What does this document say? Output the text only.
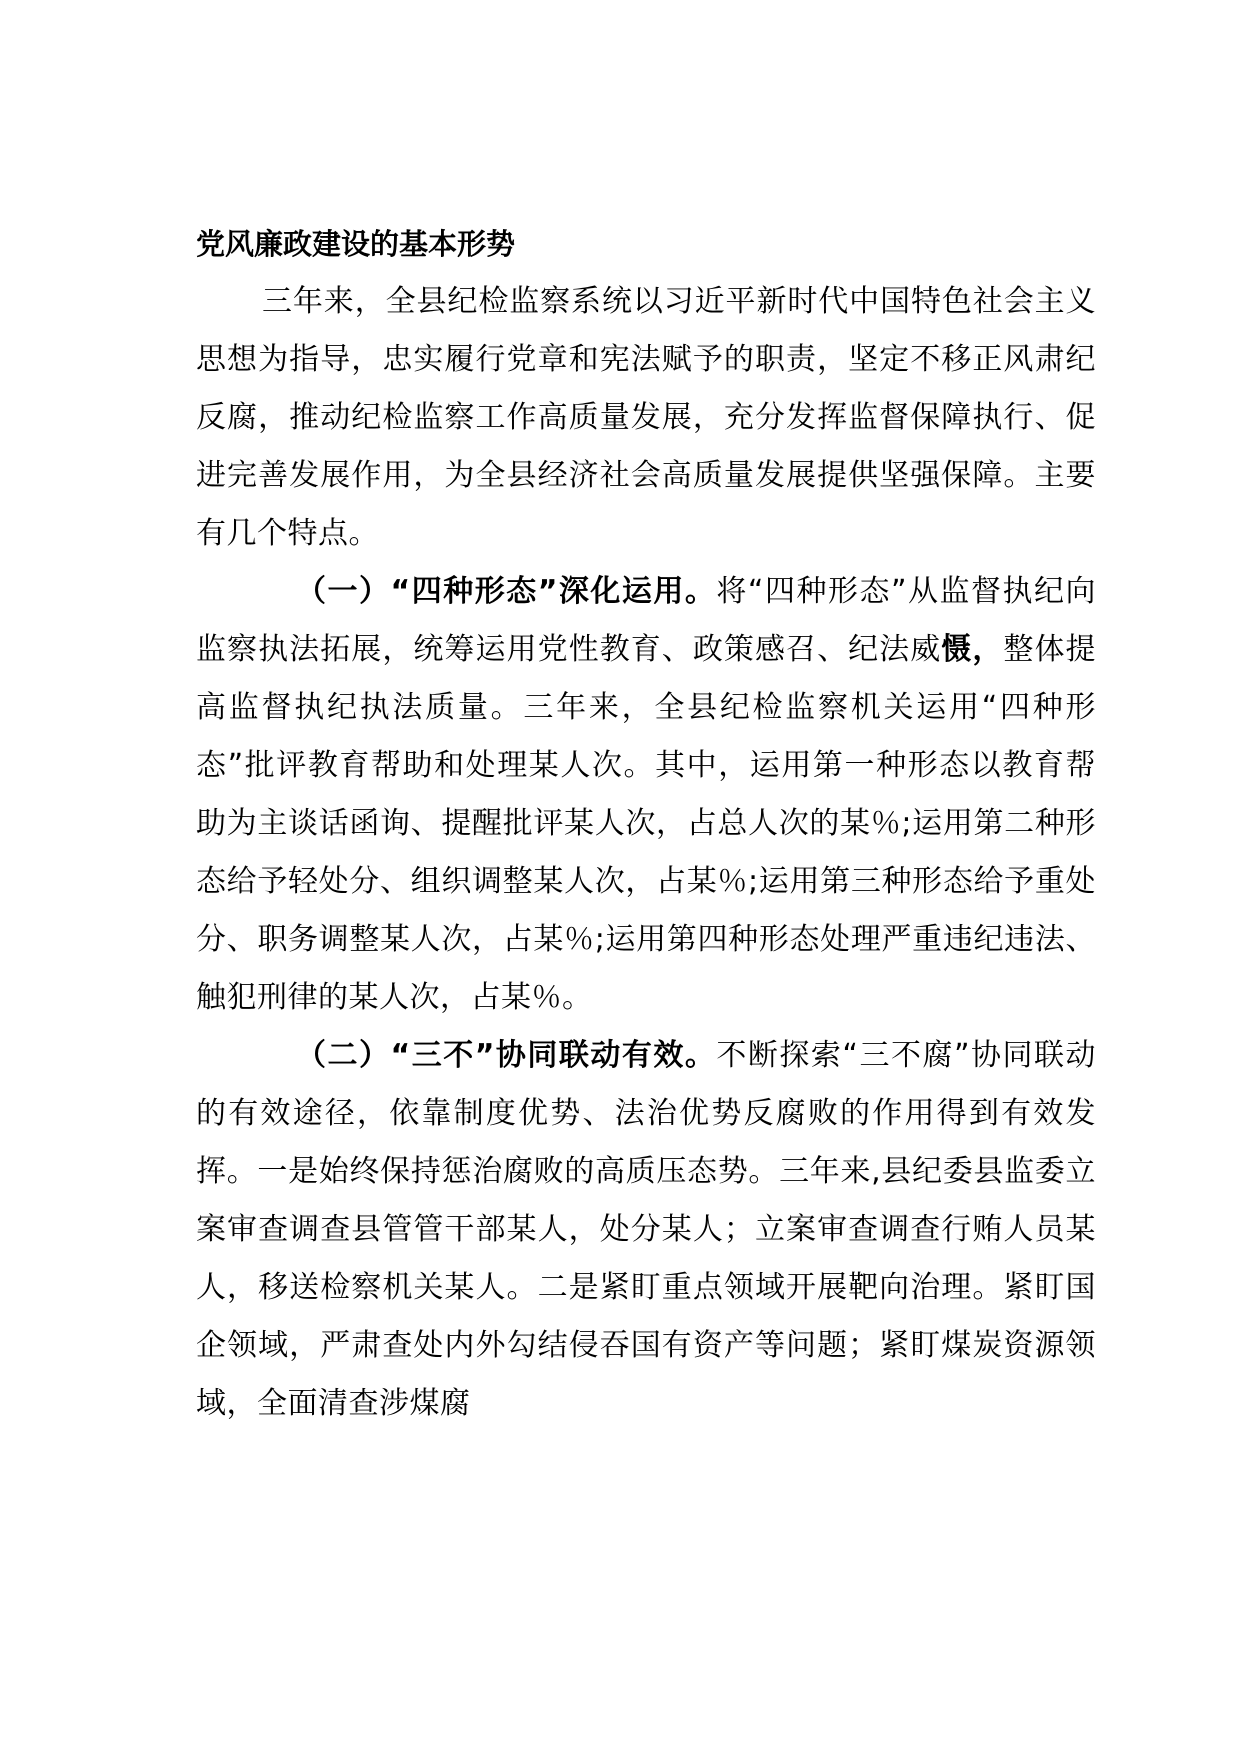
党风廉政建设的基本形势

三年来，全县纪检监察系统以习近平新时代中国特色社会主义思想为指导，忠实履行党章和宪法赋予的职责，坚定不移正风肃纪反腐，推动纪检监察工作高质量发展，充分发挥监督保障执行、促进完善发展作用，为全县经济社会高质量发展提供坚强保障。主要有几个特点。

（一）“四种形态”深化运用。将“四种形态”从监督执纪向监察执法拓展，统筹运用党性教育、政策感召、纪法威慑，整体提高监督执纪执法质量。三年来，全县纪检监察机关运用“四种形态”批评教育帮助和处理某人次。其中，运用第一种形态以教育帮助为主谈话函询、提醒批评某人次，占总人次的某％;运用第二种形态给予轻处分、组织调整某人次，占某％;运用第三种形态给予重处分、职务调整某人次，占某％;运用第四种形态处理严重违纪违法、触犯刑律的某人次，占某％。

（二）“三不”协同联动有效。不断探索“三不腐”协同联动的有效途径，依靠制度优势、法治优势反腐败的作用得到有效发挥。一是始终保持惩治腐败的高质压态势。三年来,县纪委县监委立案审查调查县管管干部某人，处分某人；立案审查调查行贿人员某人，移送检察机关某人。二是紧盯重点领域开展靶向治理。紧盯国企领域，严肃查处内外勾结侵吞国有资产等问题；紧盯煤炭资源领域，全面清查涉煤腐
